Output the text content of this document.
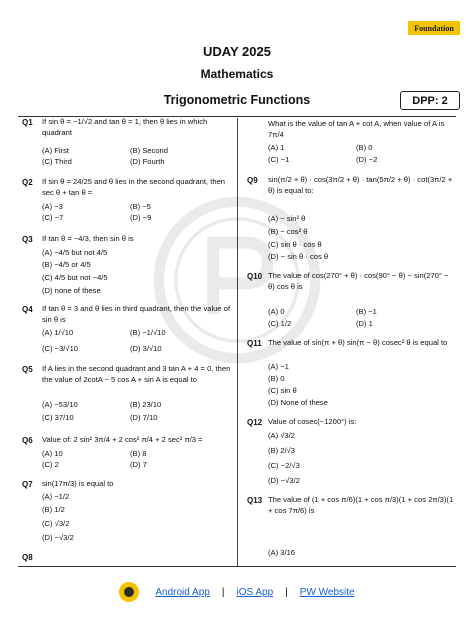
Foundation
UDAY 2025
Mathematics
DPP: 2
Trigonometric Functions
Q1 If sin θ = −1/√2 and tan θ = 1, then θ lies in which quadrant
(A) First	(B) Second
(C) Third	(D) Fourth
Q2 If sin θ = 24/25 and θ lies in the second quadrant, then sec θ + tan θ =
(A) −3	(B) −5
(C) −7	(D) −9
Q3 If tan θ = −4/3, then sin θ is
(A) −4/5 but not 4/5
(B) −4/5 or 4/5
(C) 4/5 but not −4/5
(D) none of these
Q4 If tan θ = 3 and θ lies in third quadrant, then the value of sin θ is
(A) 1/√10	(B) −1/√10
(C) −3/√10	(D) 3/√10
Q5 If A lies in the second quadrant and 3 tan A + 4 = 0, then the value of 2cotA − 5 cos A + sin A is equal to
(A) −53/10	(B) 23/10
(C) 37/10	(D) 7/10
Q6 Value of: 2 sin² 3π/4 + 2 cos² π/4 + 2 sec² π/3 =
(A) 10	(B) 8
(C) 2	(D) 7
Q7 sin(17π/3) is equal to
(A) −1/2
(B) 1/2
(C) √3/2
(D) −√3/2
Q8
What is the value of tan A + cot A, when value of A is 7π/4
(A) 1	(B) 0
(C) −1	(D) −2
Q9 sin(π/2 + θ) · cos(3π/2 + θ) · tan(5π/2 + θ) · cot(3π/2 + θ) is equal to:
(A) − sin² θ
(B) − cos² θ
(C) sin θ · cos θ
(D) − sin θ · cos θ
Q10 The value of cos(270° + θ) · cos(90° − θ) − sin(270° − θ) cos θ is
(A) 0	(B) −1
(C) 1/2	(D) 1
Q11 The value of sin(π + θ) sin(π − θ) cosec² θ is equal to
(A) −1
(B) 0
(C) sin θ
(D) None of these
Q12 Value of cosec(−1200°) is:
(A) √3/2
(B) 2/√3
(C) −2/√3
(D) −√3/2
Q13 The value of (1 + cos π/6)(1 + cos π/3)(1 + cos 2π/3)(1 + cos 7π/6) is
(A) 3/16
Android App | iOS App | PW Website
